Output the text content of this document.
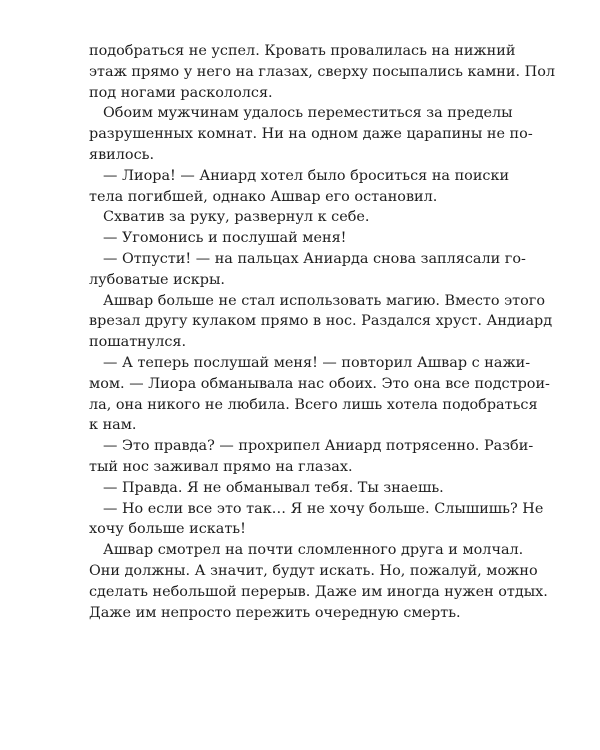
подобраться не успел. Кровать провалилась на нижний
этаж прямо у него на глазах, сверху посыпались камни. Пол
под ногами раскололся.
Обоим мужчинам удалось переместиться за пределы
разрушенных комнат. Ни на одном даже царапины не по-
явилось.
— Лиора! — Аниард хотел было броситься на поиски
тела погибшей, однако Ашвар его остановил.
Схватив за руку, развернул к себе.
— Угомонись и послушай меня!
— Отпусти! — на пальцах Аниарда снова заплясали го-
лубоватые искры.
Ашвар больше не стал использовать магию. Вместо этого
врезал другу кулаком прямо в нос. Раздался хруст. Андиард
пошатнулся.
— А теперь послушай меня! — повторил Ашвар с нажи-
мом. — Лиора обманывала нас обоих. Это она все подстрои-
ла, она никого не любила. Всего лишь хотела подобраться
к нам.
— Это правда? — прохрипел Аниард потрясенно. Разби-
тый нос заживал прямо на глазах.
— Правда. Я не обманывал тебя. Ты знаешь.
— Но если все это так… Я не хочу больше. Слышишь? Не
хочу больше искать!
Ашвар смотрел на почти сломленного друга и молчал.
Они должны. А значит, будут искать. Но, пожалуй, можно
сделать небольшой перерыв. Даже им иногда нужен отдых.
Даже им непросто пережить очередную смерть.
